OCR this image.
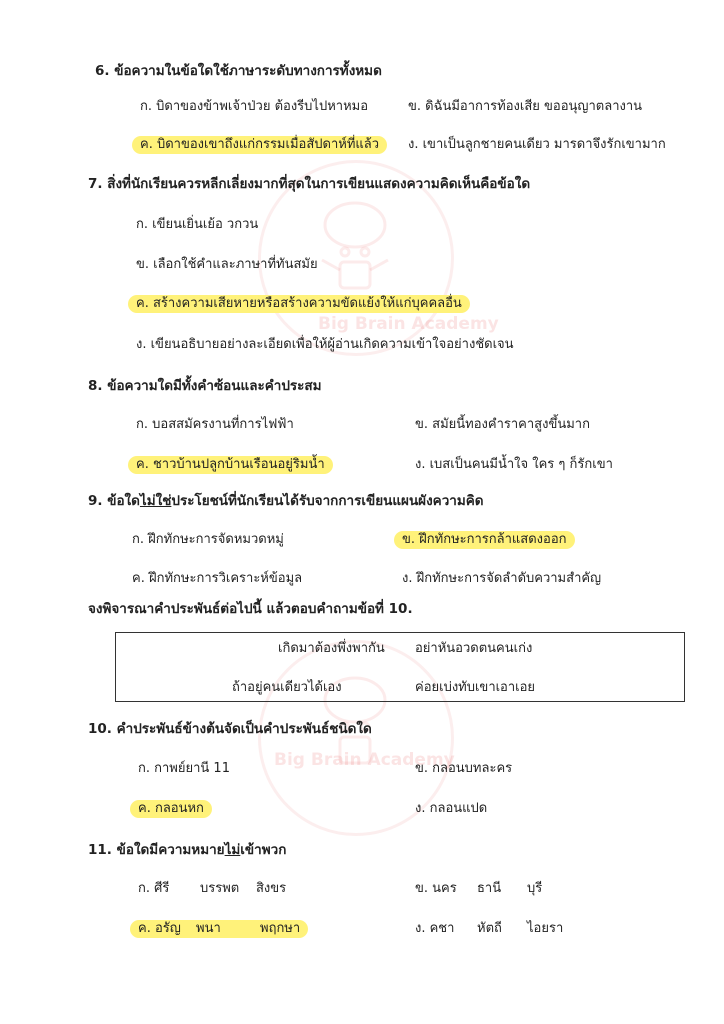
Big Brain Academy
Big Brain Academy
6. ข้อความในข้อใดใช้ภาษาระดับทางการทั้งหมด
ก. บิดาของข้าพเจ้าป่วย ต้องรีบไปหาหมอ	ข. ดิฉันมีอาการท้องเสีย ขออนุญาตลางาน
ค. บิดาของเขาถึงแก่กรรมเมื่อสัปดาห์ที่แล้ว	ง. เขาเป็นลูกชายคนเดียว มารดาจึงรักเขามาก
7. สิ่งที่นักเรียนควรหลีกเลี่ยงมากที่สุดในการเขียนแสดงความคิดเห็นคือข้อใด
ก. เขียนเยิ่นเย้อ วกวน
ข. เลือกใช้คำและภาษาที่ทันสมัย
ค. สร้างความเสียหายหรือสร้างความขัดแย้งให้แก่บุคคลอื่น
ง. เขียนอธิบายอย่างละเอียดเพื่อให้ผู้อ่านเกิดความเข้าใจอย่างชัดเจน
8. ข้อความใดมีทั้งคำซ้อนและคำประสม
ก. บอสสมัครงานที่การไฟฟ้า	ข. สมัยนี้ทองคำราคาสูงขึ้นมาก
ค. ชาวบ้านปลูกบ้านเรือนอยู่ริมน้ำ	ง. เบสเป็นคนมีน้ำใจ ใคร ๆ ก็รักเขา
9. ข้อใดไม่ใช่ประโยชน์ที่นักเรียนได้รับจากการเขียนแผนผังความคิด
ก. ฝึกทักษะการจัดหมวดหมู่	ข. ฝึกทักษะการกล้าแสดงออก
ค. ฝึกทักษะการวิเคราะห์ข้อมูล	ง. ฝึกทักษะการจัดลำดับความสำคัญ
จงพิจารณาคำประพันธ์ต่อไปนี้ แล้วตอบคำถามข้อที่ 10.
เกิดมาต้องพึ่งพากัน อย่าหันอวดตนคนเก่ง
ถ้าอยู่คนเดียวได้เอง	ค่อยเบ่งทับเขาเอาเอย
10. คำประพันธ์ข้างต้นจัดเป็นคำประพันธ์ชนิดใด
ก. กาพย์ยานี 11	ข. กลอนบทละคร
ค. กลอนหก	ง. กลอนแปด
11. ข้อใดมีความหมายไม่เข้าพวก
ก. ศีรี บรรพต สิงขร	ข. นคร ธานี บุรี
ค. อรัญ พนา	พฤกษา	ง. คชา หัตถี ไอยรา
